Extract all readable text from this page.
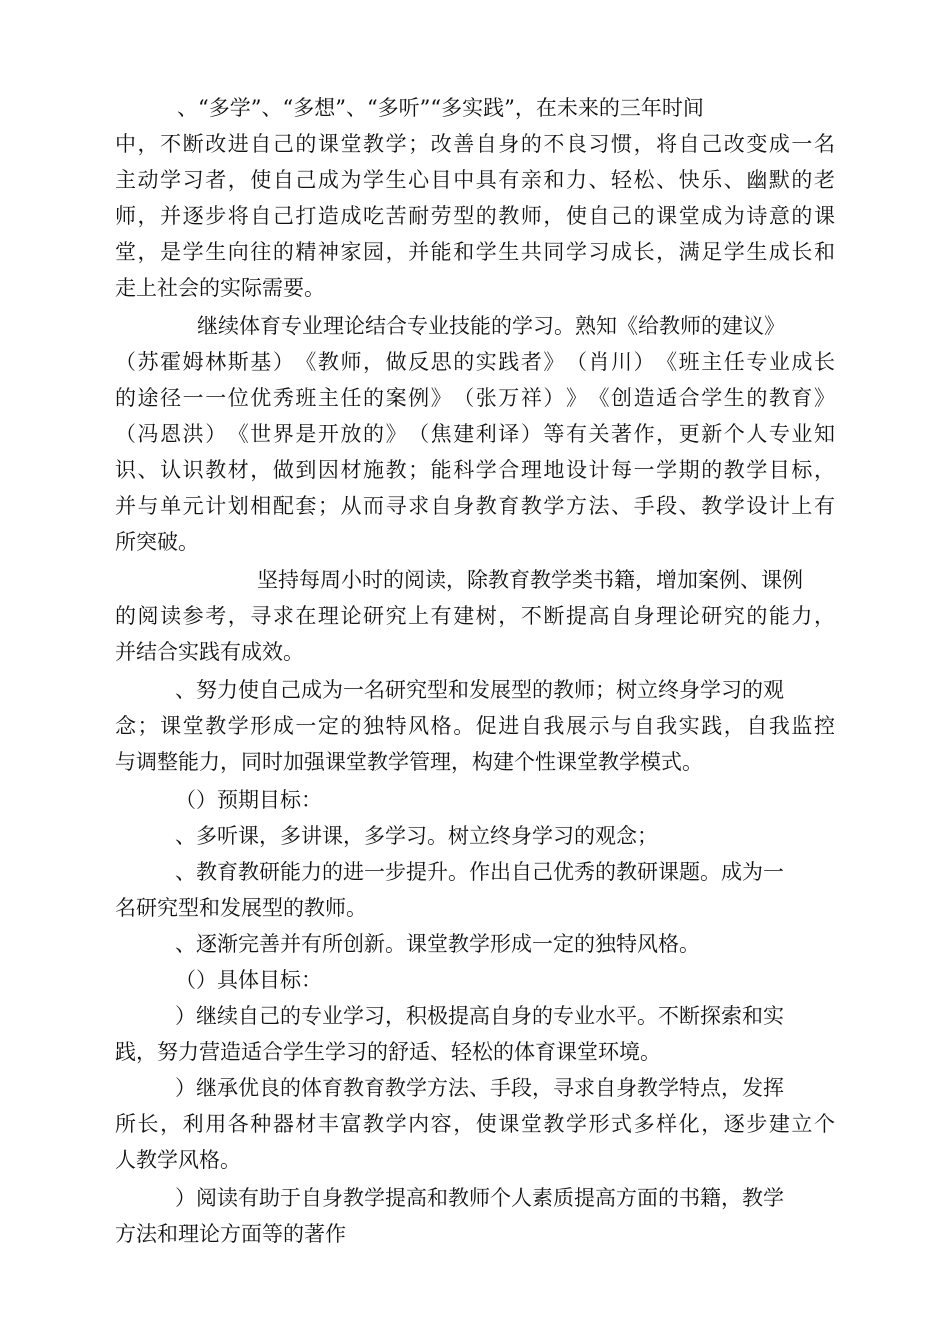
、“多学”、“多想”、“多听”“多实践”，在未来的三年时间
中 ， 不 断 改 进 自 己 的 课 堂 教 学 ； 改 善 自 身 的 不 良 习 惯 ， 将 自 己 改 变 成 一 名
主 动 学 习 者 ， 使 自 己 成 为 学 生 心 目 中 具 有 亲 和 力 、 轻 松 、 快 乐 、 幽 默 的 老
师 ， 并 逐 步 将 自 己 打 造 成 吃 苦 耐 劳 型 的 教 师 ， 使 自 己 的 课 堂 成 为 诗 意 的 课
堂 ， 是 学 生 向 往 的 精 神 家 园 ， 并 能 和 学 生 共 同 学 习 成 长 ， 满 足 学 生 成 长 和
走上社会的实际需要。
继续体育专业理论结合专业技能的学习。熟知《给教师的建议》
（ 苏 霍 姆 林 斯 基 ） 《 教 师 ， 做 反 思 的 实 践 者 》 （ 肖 川 ） 《 班 主 任 专 业 成 长
的 途 径 一 一 位 优 秀 班 主 任 的 案 例 》 （ 张 万 祥 ） 》 《 创 造 适 合 学 生 的 教 育 》
（ 冯 恩 洪 ） 《 世 界 是 开 放 的 》 （ 焦 建 利 译 ） 等 有 关 著 作 ， 更 新 个 人 专 业 知
识 、 认 识 教 材 ， 做 到 因 材 施 教 ； 能 科 学 合 理 地 设 计 每 一 学 期 的 教 学 目 标 ，
并 与 单 元 计 划 相 配 套 ； 从 而 寻 求 自 身 教 育 教 学 方 法 、 手 段 、 教 学 设 计 上 有
所突破。
坚持每周小时的阅读，除教育教学类书籍，增加案例、课例
的 阅 读 参 考 ， 寻 求 在 理 论 研 究 上 有 建 树 ， 不 断 提 高 自 身 理 论 研 究 的 能 力 ，
并结合实践有成效。
、努力使自己成为一名研究型和发展型的教师；树立终身学习的观
念 ； 课 堂 教 学 形 成 一 定 的 独 特 风 格 。 促 进 自 我 展 示 与 自 我 实 践 ， 自 我 监 控
与调整能力，同时加强课堂教学管理，构建个性课堂教学模式。
（）预期目标：
、多听课，多讲课，多学习。树立终身学习的观念；
、教育教研能力的进一步提升。作出自己优秀的教研课题。成为一
名研究型和发展型的教师。
、逐渐完善并有所创新。课堂教学形成一定的独特风格。
（）具体目标：
）继续自己的专业学习，积极提高自身的专业水平。不断探索和实
践，努力营造适合学生学习的舒适、轻松的体育课堂环境。
）继承优良的体育教育教学方法、手段，寻求自身教学特点，发挥
所 长 ， 利 用 各 种 器 材 丰 富 教 学 内 容 ， 使 课 堂 教 学 形 式 多 样 化 ， 逐 步 建 立 个
人教学风格。
）阅读有助于自身教学提高和教师个人素质提高方面的书籍，教学
方法和理论方面等的著作
